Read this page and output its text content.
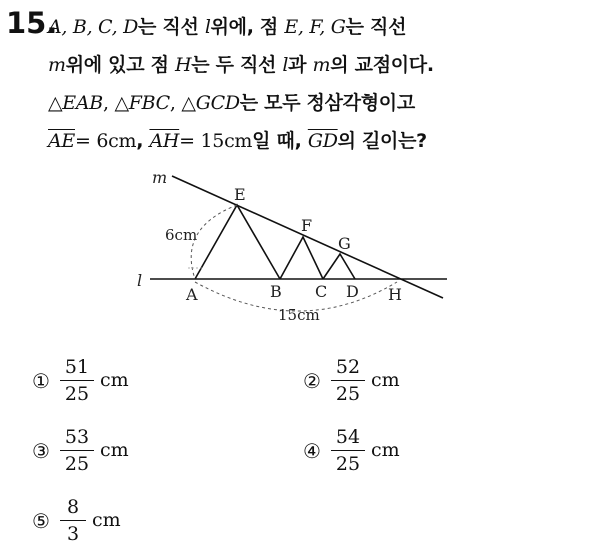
15.
A, B, C, D는 직선 l위에, 점 E, F, G는 직선
m위에 있고 점 H는 두 직선 l과 m의 교점이다.
△EAB, △FBC, △GCD는 모두 정삼각형이고
$\overline{AE}= 6cm$, $\overline{AH}= 15cm$일 때, $\overline{GD}$의 길이는?
m
l
E
F
G
A	B C D H
6cm
15cm
①
51
25
cm	②
52
25
cm
③
53
25
cm	④
54
25
cm
⑤
8
3
cm
